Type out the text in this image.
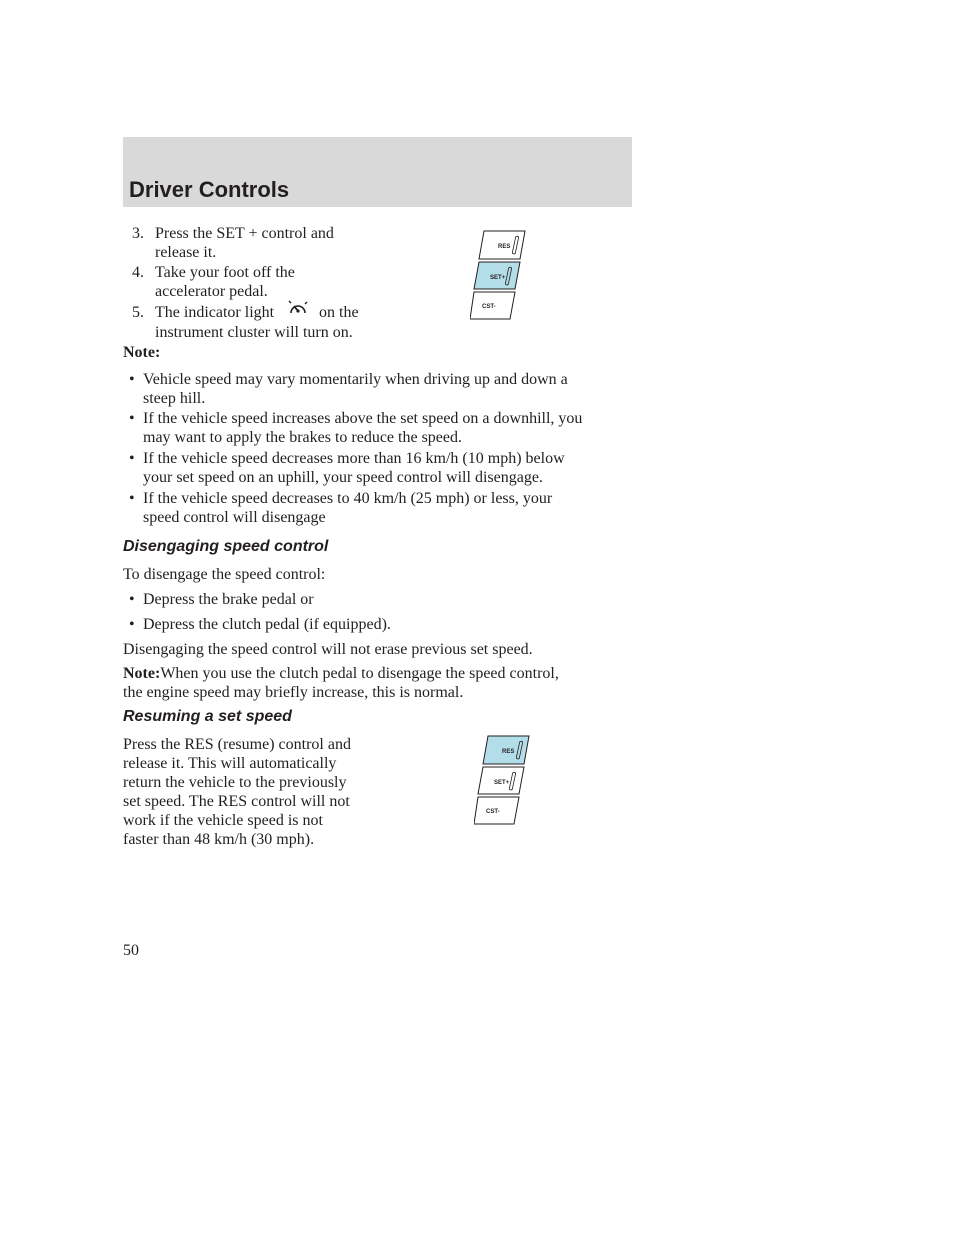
Driver Controls
3. Press the SET + control and
release it.
4. Take your foot off the
accelerator pedal.
5. The indicator light	on the
instrument cluster will turn on.
RES
SET+
CST-

Note:

• Vehicle speed may vary momentarily when driving up and down a
steep hill.
• If the vehicle speed increases above the set speed on a downhill, you
may want to apply the brakes to reduce the speed.
• If the vehicle speed decreases more than 16 km/h (10 mph) below
your set speed on an uphill, your speed control will disengage.
• If the vehicle speed decreases to 40 km/h (25 mph) or less, your
speed control will disengage
Disengaging speed control

To disengage the speed control:

• Depress the brake pedal or
• Depress the clutch pedal (if equipped).

Disengaging the speed control will not erase previous set speed.

Note:When you use the clutch pedal to disengage the speed control,

the engine speed may briefly increase, this is normal.

Resuming a set speed

Press the RES (resume) control and

release it. This will automatically

return the vehicle to the previously

set speed. The RES control will not

work if the vehicle speed is not

faster than 48 km/h (30 mph).

RES
SET+
CST-
50
